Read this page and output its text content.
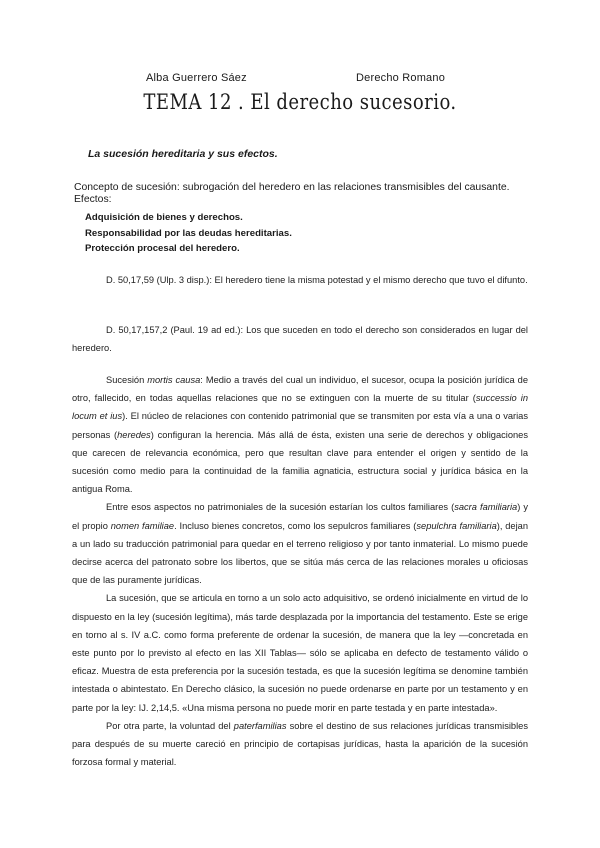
Alba Guerrero Sáez	Derecho Romano
TEMA 12 . El derecho sucesorio.
La sucesión hereditaria y sus efectos.
Concepto de sucesión: subrogación del heredero en las relaciones transmisibles del causante. Efectos:
Adquisición de bienes y derechos.
Responsabilidad por las deudas hereditarias.
Protección procesal del heredero.

D. 50,17,59 (Ulp. 3 disp.): El heredero tiene la misma potestad y el mismo derecho que tuvo el difunto.

D. 50,17,157,2 (Paul. 19 ad ed.): Los que suceden en todo el derecho son considerados en lugar del heredero.

Sucesión mortis causa: Medio a través del cual un individuo, el sucesor, ocupa la posición jurídica de otro, fallecido, en todas aquellas relaciones que no se extinguen con la muerte de su titular (successio in locum et ius). El núcleo de relaciones con contenido patrimonial que se transmiten por esta vía a una o varias personas (heredes) configuran la herencia. Más allá de ésta, existen una serie de derechos y obligaciones que carecen de relevancia económica, pero que resultan clave para entender el origen y sentido de la sucesión como medio para la continuidad de la familia agnaticia, estructura social y jurídica básica en la antigua Roma.

Entre esos aspectos no patrimoniales de la sucesión estarían los cultos familiares (sacra familiaria) y el propio nomen familiae. Incluso bienes concretos, como los sepulcros familiares (sepulchra familiaria), dejan a un lado su traducción patrimonial para quedar en el terreno religioso y por tanto inmaterial. Lo mismo puede decirse acerca del patronato sobre los libertos, que se sitúa más cerca de las relaciones morales u oficiosas que de las puramente jurídicas.

La sucesión, que se articula en torno a un solo acto adquisitivo, se ordenó inicialmente en virtud de lo dispuesto en la ley (sucesión legítima), más tarde desplazada por la importancia del testamento. Este se erige en torno al s. IV a.C. como forma preferente de ordenar la sucesión, de manera que la ley —concretada en este punto por lo previsto al efecto en las XII Tablas— sólo se aplicaba en defecto de testamento válido o eficaz. Muestra de esta preferencia por la sucesión testada, es que la sucesión legítima se denomine también intestada o abintestato. En Derecho clásico, la sucesión no puede ordenarse en parte por un testamento y en parte por la ley: IJ. 2,14,5. «Una misma persona no puede morir en parte testada y en parte intestada».

Por otra parte, la voluntad del paterfamilias sobre el destino de sus relaciones jurídicas transmisibles para después de su muerte careció en principio de cortapisas jurídicas, hasta la aparición de la sucesión forzosa formal y material.
